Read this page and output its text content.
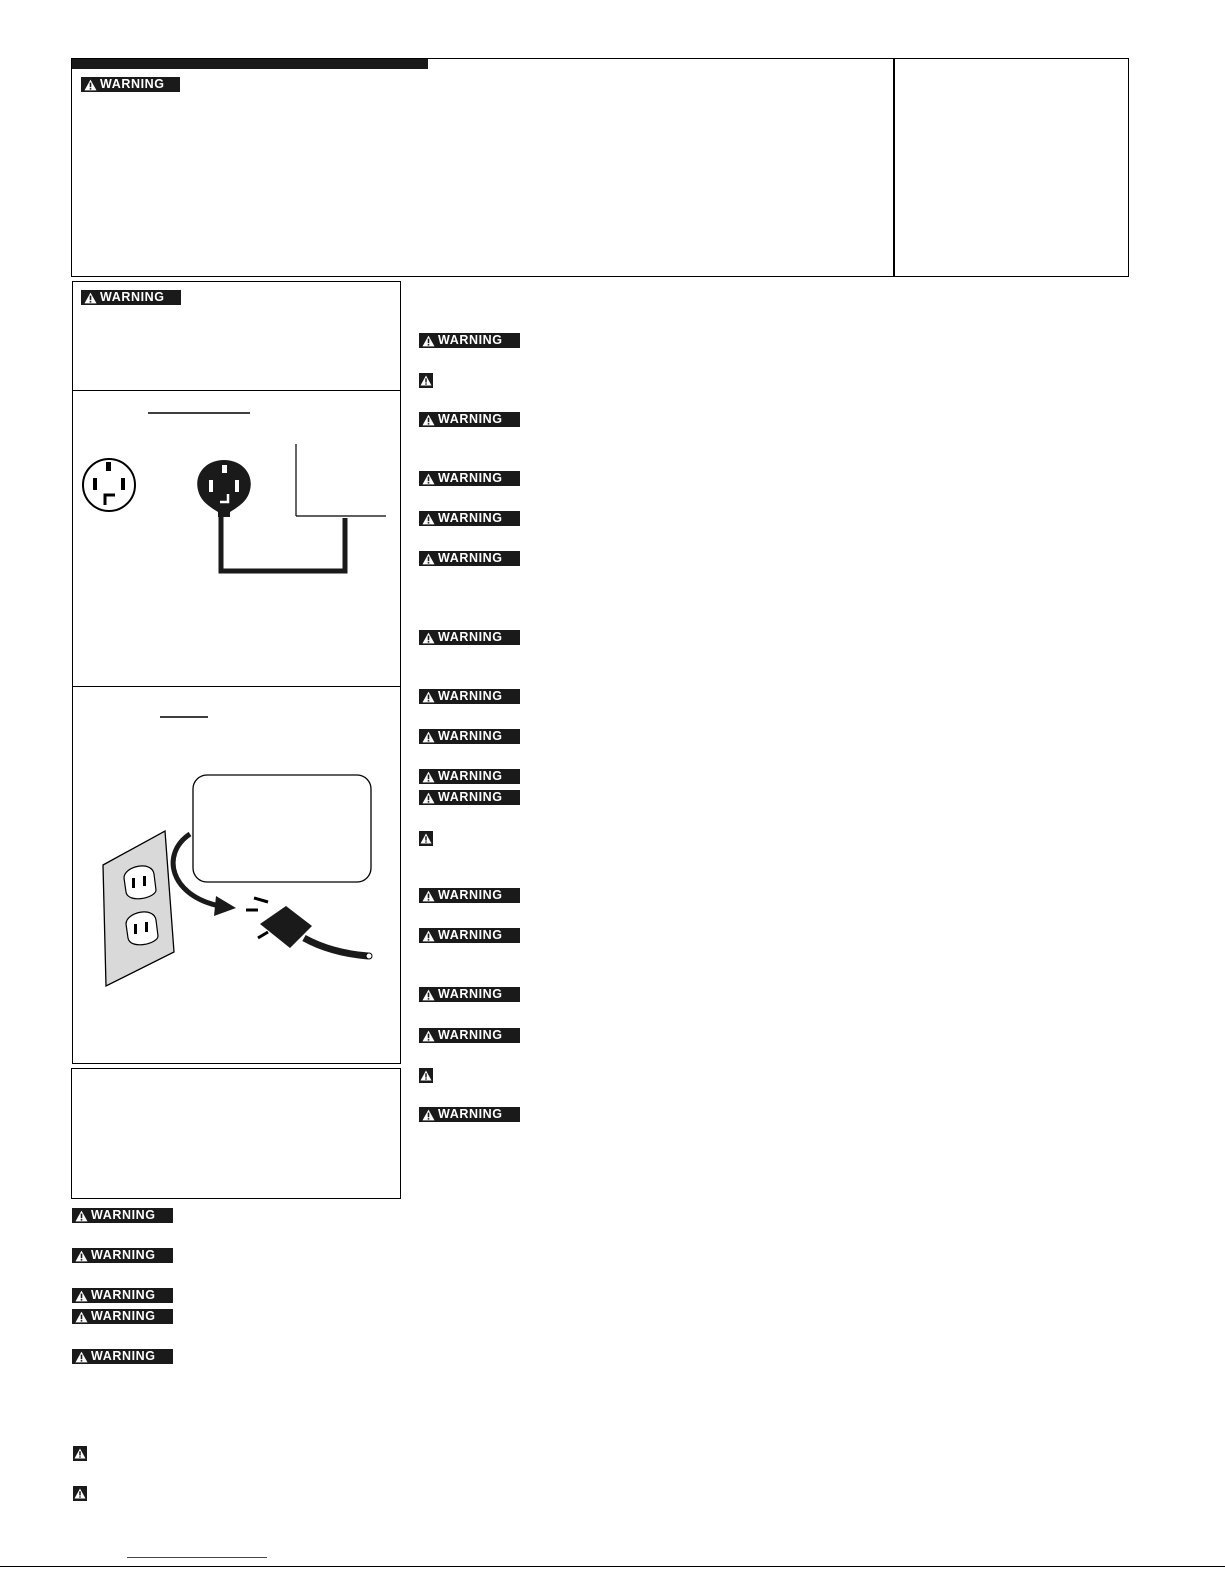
WARNING
WARNING
WARNING
WARNING
WARNING
WARNING
WARNING
WARNING
WARNING
WARNING
WARNING
WARNING
WARNING
WARNING
WARNING
WARNING
WARNING
WARNING
WARNING
WARNING
WARNING
WARNING
